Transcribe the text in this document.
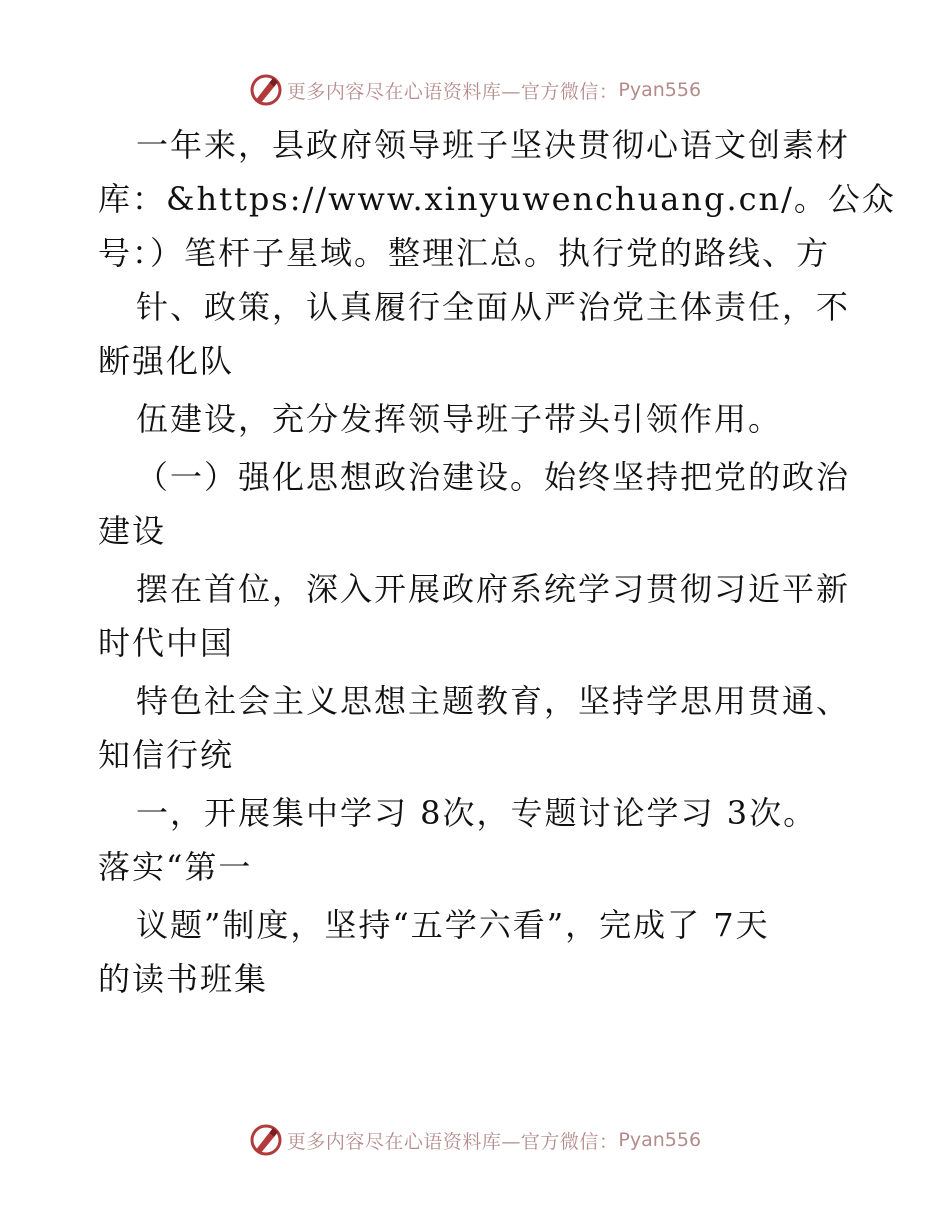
更多内容尽在心语资料库—官方微信： Pyan556
一年来，县政府领导班子坚决贯彻心语文创素材
库：&https://www.xinyuwenchuang.cn/。公众
号：）笔杆子星域。整理汇总。执行党的路线、方
针、政策，认真履行全面从严治党主体责任，不
断强化队
伍建设，充分发挥领导班子带头引领作用。
（一）强化思想政治建设。始终坚持把党的政治
建设
摆在首位，深入开展政府系统学习贯彻习近平新
时代中国
特色社会主义思想主题教育，坚持学思用贯通、
知信行统
一，开展集中学习 8次，专题讨论学习 3次。
落实“第一
议题”制度，坚持“五学六看”，完成了 7天
的读书班集
更多内容尽在心语资料库—官方微信： Pyan556
